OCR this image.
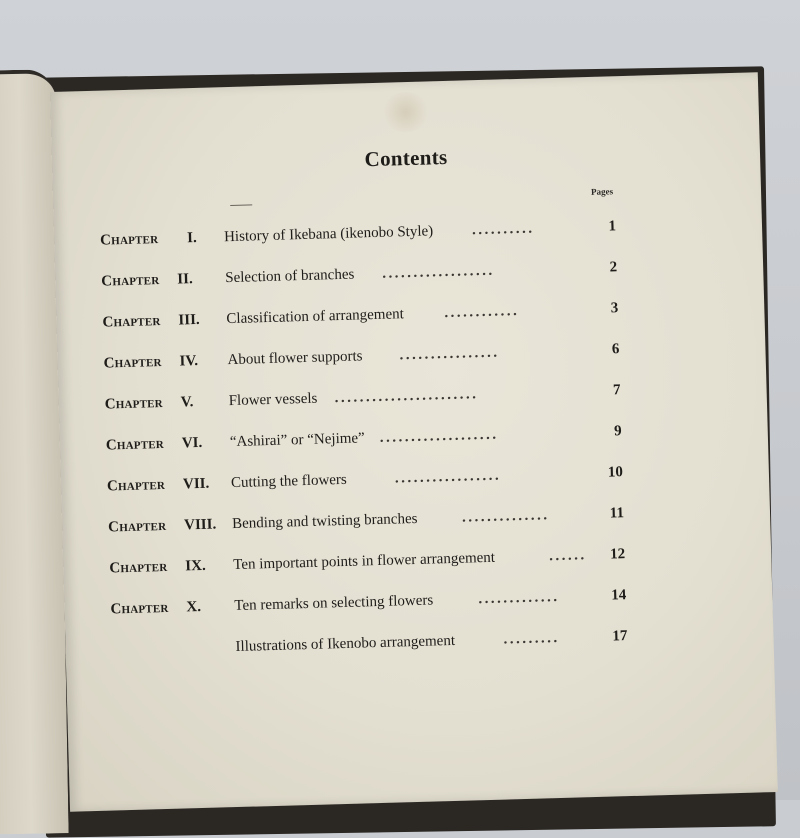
Contents
Pages
Chapter I. History of Ikebana (ikenobo Style)	..........	1
Chapter II. Selection of branches ..................	2
Chapter III. Classification of arrangement	............	3
Chapter IV. About flower supports ................	6
Chapter V. Flower vessels .......................	7
Chapter VI. “Ashirai” or “Nejime” ...................	9
Chapter VII. Cutting the flowers	.................	10
Chapter VIII. Bending and twisting branches	..............	11
Chapter IX. Ten important points in flower arrangement	......	12
Chapter X. Ten remarks on selecting flowers	.............	14
Illustrations of Ikenobo arrangement	.........	17
